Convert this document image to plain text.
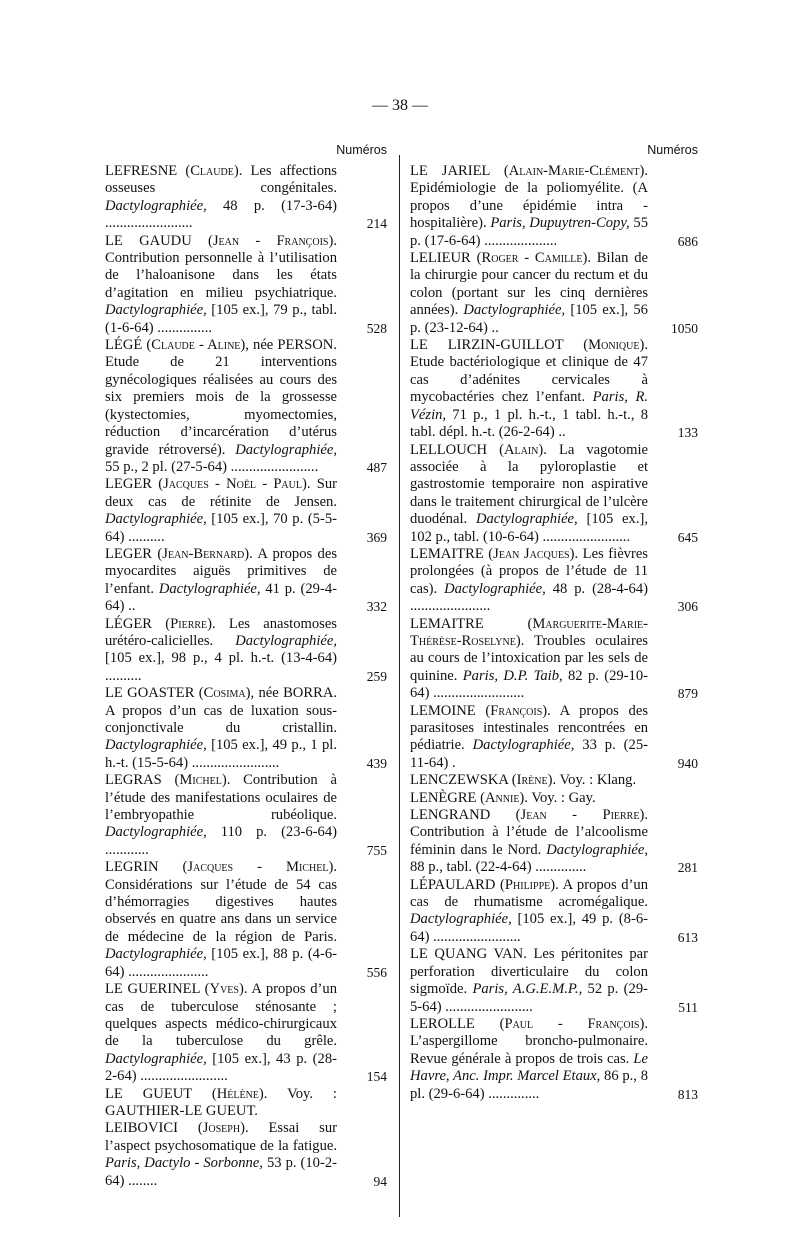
— 38 —
Numéros
LEFRESNE (Claude). Les affections osseuses congénitales. Dactylographiée, 48 p. (17-3-64) ........................	214
LE GAUDU (Jean - François). Contribution personnelle à l’utilisation de l’haloanisone dans les états d’agitation en milieu psychiatrique. Dactylographiée, [105 ex.], 79 p., tabl. (1-6-64) ...............	528
LÉGÉ (Claude - Aline), née PERSON. Etude de 21 interventions gynécologiques réalisées au cours des six premiers mois de la grossesse (kystectomies, myomectomies, réduction d’incarcération d’utérus gravide rétroversé). Dactylographiée, 55 p., 2 pl. (27-5-64) ........................	487
LEGER (Jacques - Noël - Paul). Sur deux cas de rétinite de Jensen. Dactylographiée, [105 ex.], 70 p. (5-5-64) ..........	369
LEGER (Jean-Bernard). A propos des myocardites aiguës primitives de l’enfant. Dactylographiée, 41 p. (29-4-64) ..	332
LÉGER (Pierre). Les anastomoses urétéro-calicielles. Dactylographiée, [105 ex.], 98 p., 4 pl. h.-t. (13-4-64) ..........	259
LE GOASTER (Cosima), née BORRA. A propos d’un cas de luxation sous-conjonctivale du cristallin. Dactylographiée, [105 ex.], 49 p., 1 pl. h.-t. (15-5-64) ........................	439
LEGRAS (Michel). Contribution à l’étude des manifestations oculaires de l’embryopathie rubéolique. Dactylographiée, 110 p. (23-6-64) ............	755
LEGRIN (Jacques - Michel). Considérations sur l’étude de 54 cas d’hémorragies digestives hautes observés en quatre ans dans un service de médecine de la région de Paris. Dactylographiée, [105 ex.], 88 p. (4-6-64) ......................	556
LE GUERINEL (Yves). A propos d’un cas de tuberculose sténosante ; quelques aspects médico-chirurgicaux de la tuberculose du grêle. Dactylographiée, [105 ex.], 43 p. (28-2-64) ........................	154
LE GUEUT (Hélène). Voy. : GAUTHIER-LE GUEUT.
LEIBOVICI (Joseph). Essai sur l’aspect psychosomatique de la fatigue. Paris, Dactylo - Sorbonne, 53 p. (10-2-64) ........	94
Numéros
LE JARIEL (Alain-Marie-Clément). Epidémiologie de la poliomyélite. (A propos d’une épidémie intra - hospitalière). Paris, Dupuytren-Copy, 55 p. (17-6-64) ....................	686
LELIEUR (Roger - Camille). Bilan de la chirurgie pour cancer du rectum et du colon (portant sur les cinq dernières années). Dactylographiée, [105 ex.], 56 p. (23-12-64) ..	1050
LE LIRZIN-GUILLOT (Monique). Etude bactériologique et clinique de 47 cas d’adénites cervicales à mycobactéries chez l’enfant. Paris, R. Vézin, 71 p., 1 pl. h.-t., 1 tabl. h.-t., 8 tabl. dépl. h.-t. (26-2-64) ..	133
LELLOUCH (Alain). La vagotomie associée à la pyloroplastie et gastrostomie temporaire non aspirative dans le traitement chirurgical de l’ulcère duodénal. Dactylographiée, [105 ex.], 102 p., tabl. (10-6-64) ........................	645
LEMAITRE (Jean Jacques). Les fièvres prolongées (à propos de l’étude de 11 cas). Dactylographiée, 48 p. (28-4-64) ......................	306
LEMAITRE (Marguerite-Marie-Thérèse-Roselyne). Troubles oculaires au cours de l’intoxication par les sels de quinine. Paris, D.P. Taib, 82 p. (29-10-64) .........................	879
LEMOINE (François). A propos des parasitoses intestinales rencontrées en pédiatrie. Dactylographiée, 33 p. (25-11-64) .	940
LENCZEWSKA (Irène). Voy. : Klang.
LENÈGRE (Annie). Voy. : Gay.
LENGRAND (Jean - Pierre). Contribution à l’étude de l’alcoolisme féminin dans le Nord. Dactylographiée, 88 p., tabl. (22-4-64) ..............	281
LÉPAULARD (Philippe). A propos d’un cas de rhumatisme acromégalique. Dactylographiée, [105 ex.], 49 p. (8-6-64) ........................	613
LE QUANG VAN. Les péritonites par perforation diverticulaire du colon sigmoïde. Paris, A.G.E.M.P., 52 p. (29-5-64) ........................	511
LEROLLE (Paul - François). L’aspergillome broncho-pulmonaire. Revue générale à propos de trois cas. Le Havre, Anc. Impr. Marcel Etaux, 86 p., 8 pl. (29-6-64) ..............	813
